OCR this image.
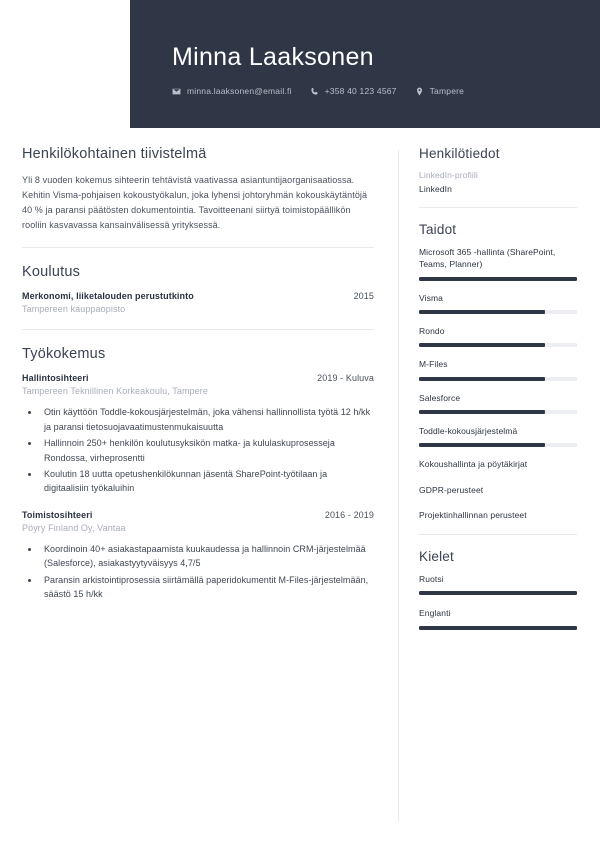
Minna Laaksonen
minna.laaksonen@email.fi	+358 40 123 4567	Tampere
Henkilökohtainen tiivistelmä
Yli 8 vuoden kokemus sihteerin tehtävistä vaativassa asiantuntijaorganisaatiossa. Kehitin Visma-pohjaisen kokoustyökalun, joka lyhensi johtoryhmän kokouskäytäntöjä 40 % ja paransi päätösten dokumentointia. Tavoitteenani siirtyä toimistopäällikön rooliin kasvavassa kansainvälisessä yrityksessä.
Koulutus
Merkonomi, liiketalouden perustutkinto	2015
Tampereen kauppaopisto
Työkokemus
Hallintosihteeri	2019 - Kuluva
Tampereen Teknillinen Korkeakoulu, Tampere
• Otin käyttöön Toddle-kokousjärjestelmän, joka vähensi hallinnollista työtä 12 h/kk ja paransi tietosuojavaatimustenmukaisuutta
• Hallinnoin 250+ henkilön koulutusyksikön matka- ja kululaskuprosesseja Rondossa, virheprosentti
• Koulutin 18 uutta opetushenkilökunnan jäsentä SharePoint-työtilaan ja digitaalisiin työkaluihin
Toimistosihteeri	2016 - 2019
Pöyry Finland Oy, Vantaa
• Koordinoin 40+ asiakastapaamista kuukaudessa ja hallinnoin CRM-järjestelmää (Salesforce), asiakastyytyväisyys 4,7/5
• Paransin arkistointiprosessia siirtämällä paperidokumentit M-Files-järjestelmään, säästö 15 h/kk
Henkilötiedot
LinkedIn-profiili
LinkedIn
Taidot
Microsoft 365 -hallinta (SharePoint, Teams, Planner)
Visma
Rondo
M-Files
Salesforce
Toddle-kokousjärjestelmä
Kokoushallinta ja pöytäkirjat
GDPR-perusteet
Projektinhallinnan perusteet
Kielet
Ruotsi
Englanti
